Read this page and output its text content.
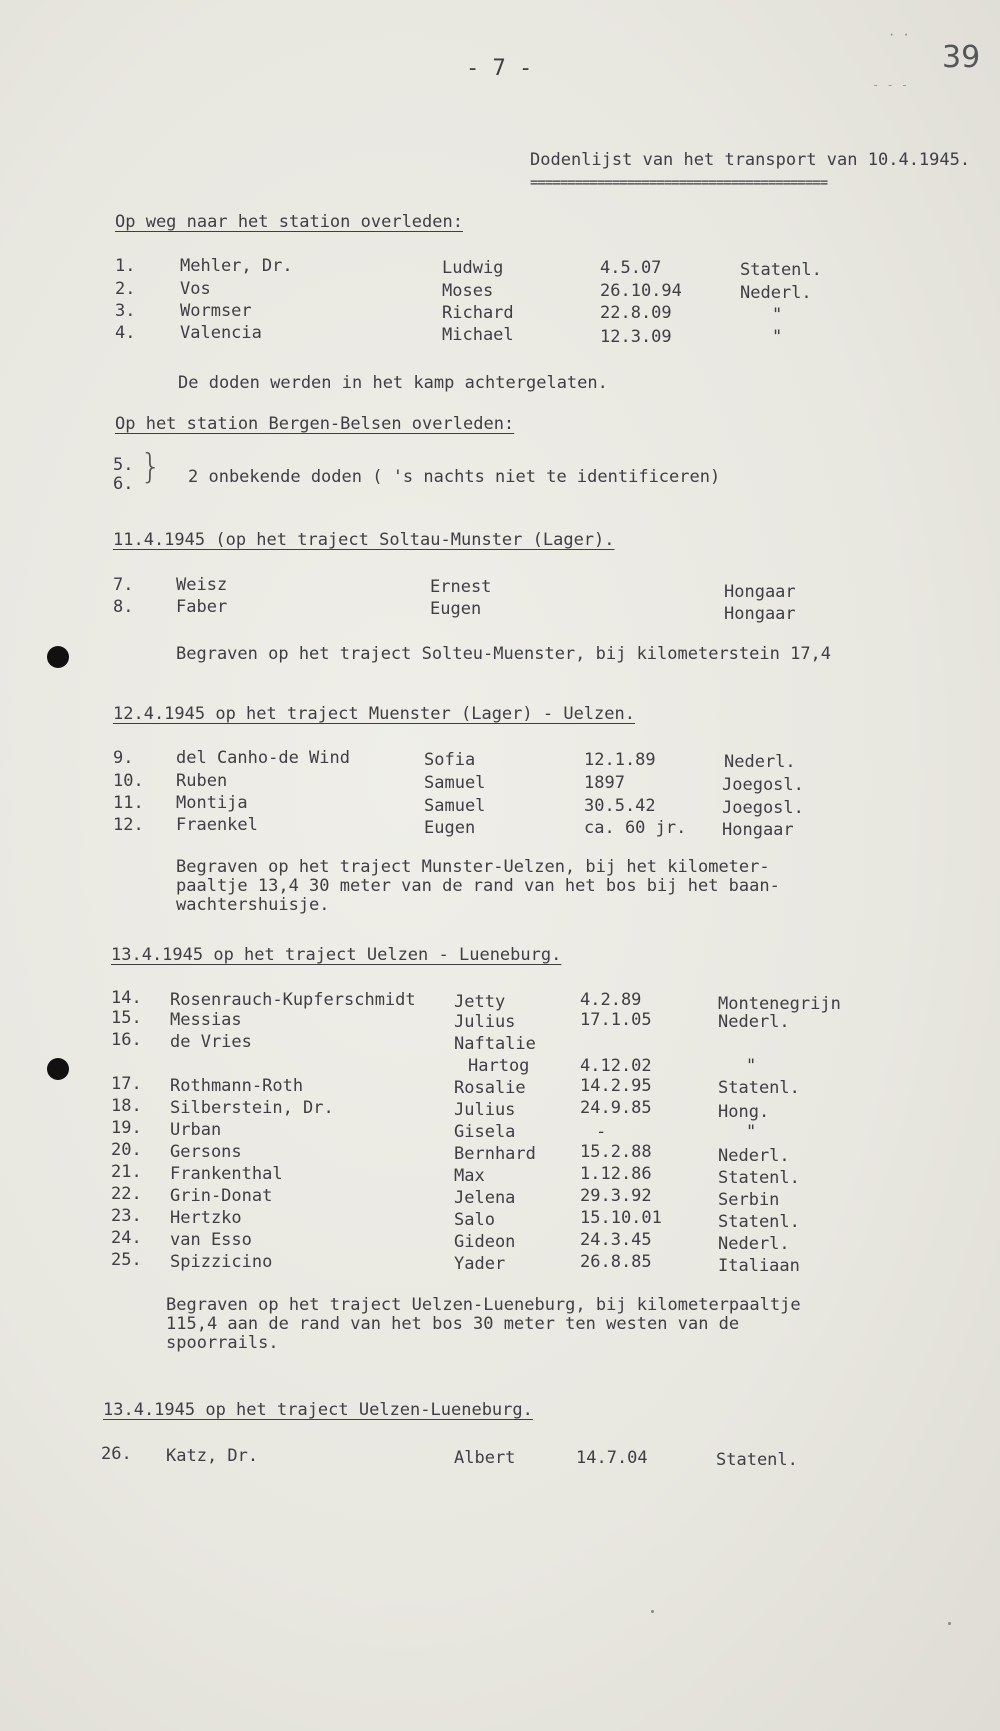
- 7 -	39
· ·
- - -
Dodenlijst van het transport van 10.4.1945.
========================================
Op weg naar het station overleden:
1.	Mehler, Dr.	Ludwig	4.5.07	Statenl.
2.	Vos	Moses	26.10.94	Nederl.
3.	Wormser	Richard	22.8.09	"
4.	Valencia	Michael	12.3.09	"
De doden werden in het kamp achtergelaten.
Op het station Bergen-Belsen overleden:
5.
6. } 2 onbekende doden ( 's nachts niet te identificeren)
11.4.1945 (op het traject Soltau-Munster (Lager).
7.	Weisz	Ernest	Hongaar
8.	Faber	Eugen	Hongaar
Begraven op het traject Solteu-Muenster, bij kilometerstein 17,4
12.4.1945 op het traject Muenster (Lager) - Uelzen.
9.	del Canho-de Wind	Sofia	12.1.89	Nederl.
10. Ruben	Samuel	1897	Joegosl.
11. Montija	Samuel	30.5.42	Joegosl.
12. Fraenkel	Eugen	ca. 60 jr. Hongaar
Begraven op het traject Munster-Uelzen, bij het kilometer-paaltje 13,4 30 meter van de rand van het bos bij het baan-wachtershuisje.
13.4.1945 op het traject Uelzen - Lueneburg.
14. Rosenrauch-Kupferschmidt Jetty	4.2.89	Montenegrijn
15. Messias	Julius	17.1.05	Nederl.
16. de Vries	Naftalie
Hartog	4.12.02	"
17. Rothmann-Roth	Rosalie	14.2.95	Statenl.
18. Silberstein, Dr.	Julius	24.9.85	Hong.
19. Urban	Gisela	-	"
20. Gersons	Bernhard	15.2.88	Nederl.
21. Frankenthal	Max	1.12.86	Statenl.
22. Grin-Donat	Jelena	29.3.92	Serbin
23. Hertzko	Salo	15.10.01	Statenl.
24. van Esso	Gideon	24.3.45	Nederl.
25. Spizzicino	Yader	26.8.85	Italiaan
Begraven op het traject Uelzen-Lueneburg, bij kilometerpaaltje 115,4 aan de rand van het bos 30 meter ten westen van de spoorrails.
13.4.1945 op het traject Uelzen-Lueneburg.
26. Katz, Dr.	Albert	14.7.04	Statenl.
